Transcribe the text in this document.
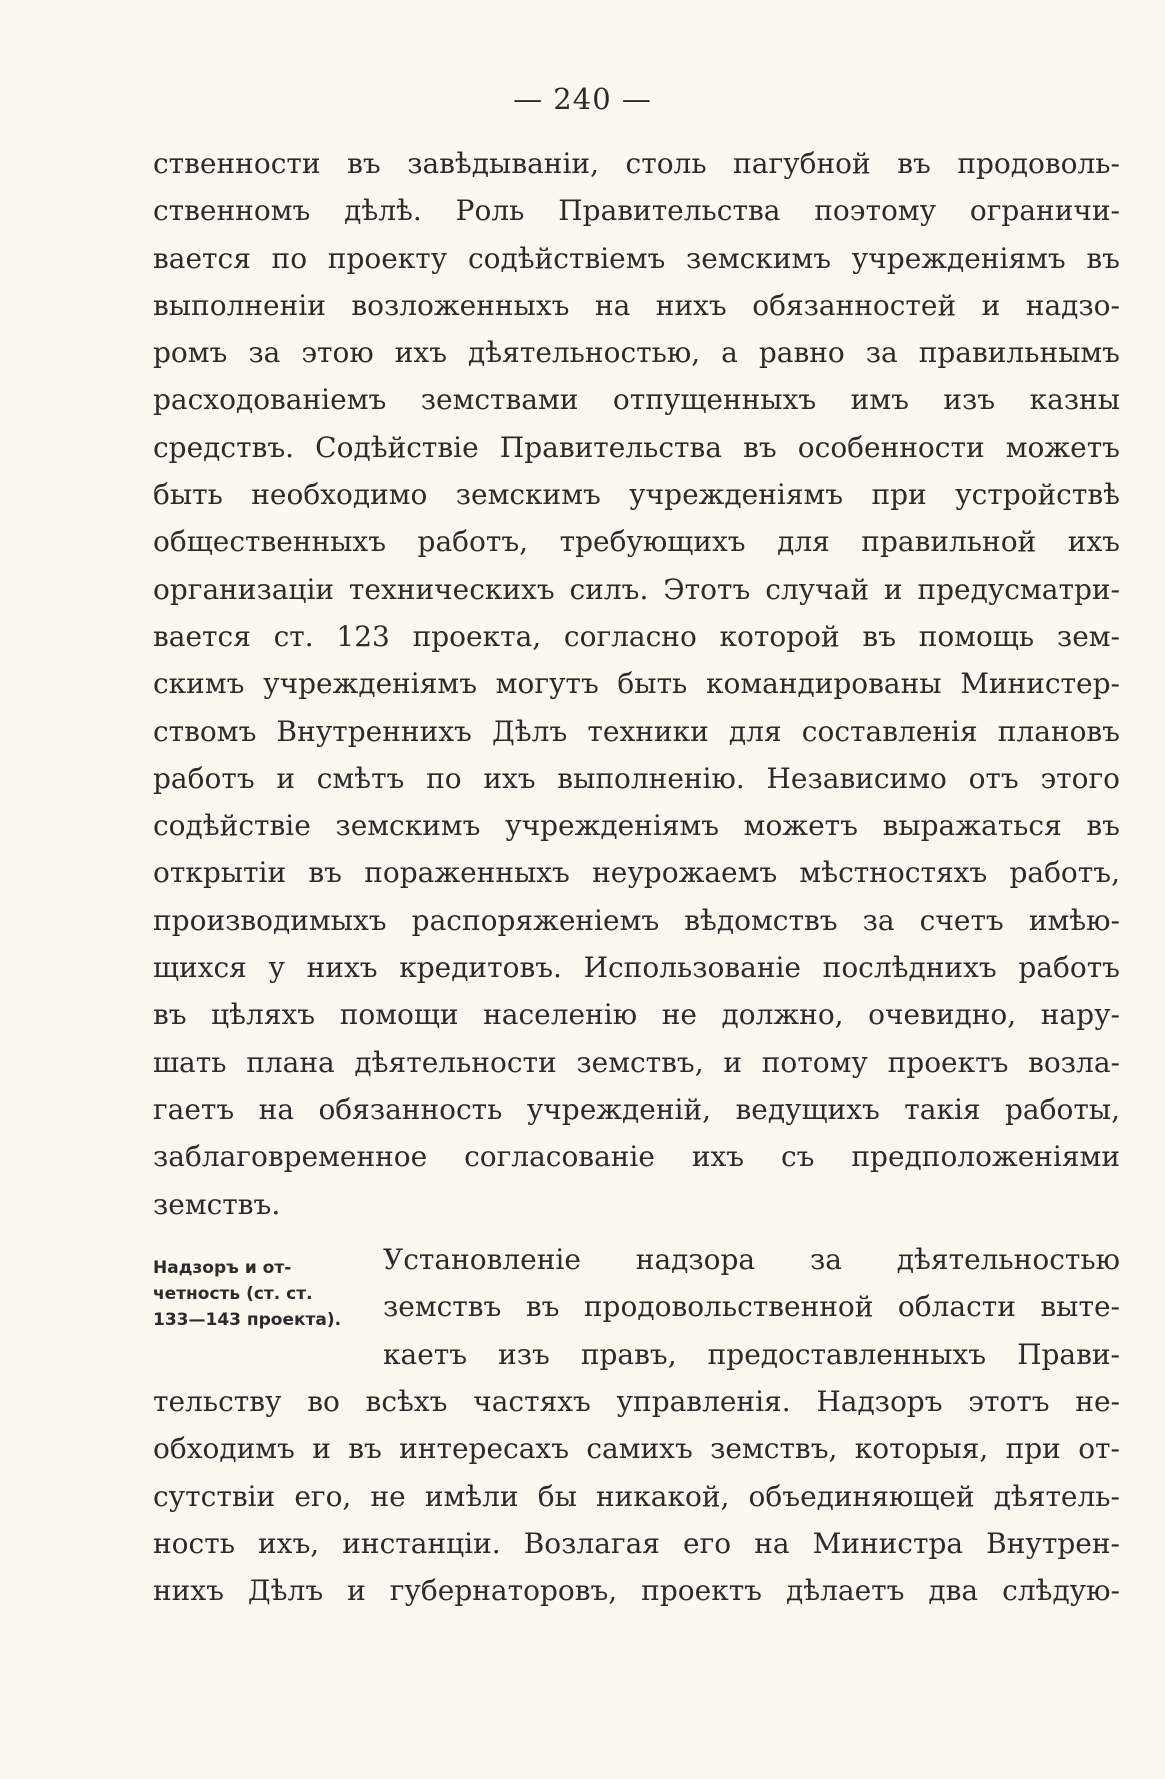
— 240 —
ственности въ завѣдываніи, столь пагубной въ продоволь-
ственномъ дѣлѣ. Роль Правительства поэтому ограничи-
вается по проекту содѣйствіемъ земскимъ учрежденіямъ въ
выполненіи возложенныхъ на нихъ обязанностей и надзо-
ромъ за этою ихъ дѣятельностью, а равно за правильнымъ
расходованіемъ земствами отпущенныхъ имъ изъ казны
средствъ. Содѣйствіе Правительства въ особенности можетъ
быть необходимо земскимъ учрежденіямъ при устройствѣ
общественныхъ работъ, требующихъ для правильной ихъ
организаціи техническихъ силъ. Этотъ случай и предусматри-
вается ст. 123 проекта, согласно которой въ помощь зем-
скимъ учрежденіямъ могутъ быть командированы Министер-
ствомъ Внутреннихъ Дѣлъ техники для составленія плановъ
работъ и смѣтъ по ихъ выполненію. Независимо отъ этого
содѣйствіе земскимъ учрежденіямъ можетъ выражаться въ
открытіи въ пораженныхъ неурожаемъ мѣстностяхъ работъ,
производимыхъ распоряженіемъ вѣдомствъ за счетъ имѣю-
щихся у нихъ кредитовъ. Использованіе послѣднихъ работъ
въ цѣляхъ помощи населенію не должно, очевидно, нару-
шать плана дѣятельности земствъ, и потому проектъ возла-
гаетъ на обязанность учрежденій, ведущихъ такія работы,
заблаговременное согласованіе ихъ съ предположеніями
земствъ.
Надзоръ и от-
четность (ст. ст.
133—143 проекта).
Установленіе надзора за дѣятельностью
земствъ въ продовольственной области выте-
каетъ изъ правъ, предоставленныхъ Прави-
тельству во всѣхъ частяхъ управленія. Надзоръ этотъ не-
обходимъ и въ интересахъ самихъ земствъ, которыя, при от-
сутствіи его, не имѣли бы никакой, объединяющей дѣятель-
ность ихъ, инстанціи. Возлагая его на Министра Внутрен-
нихъ Дѣлъ и губернаторовъ, проектъ дѣлаетъ два слѣдую-
